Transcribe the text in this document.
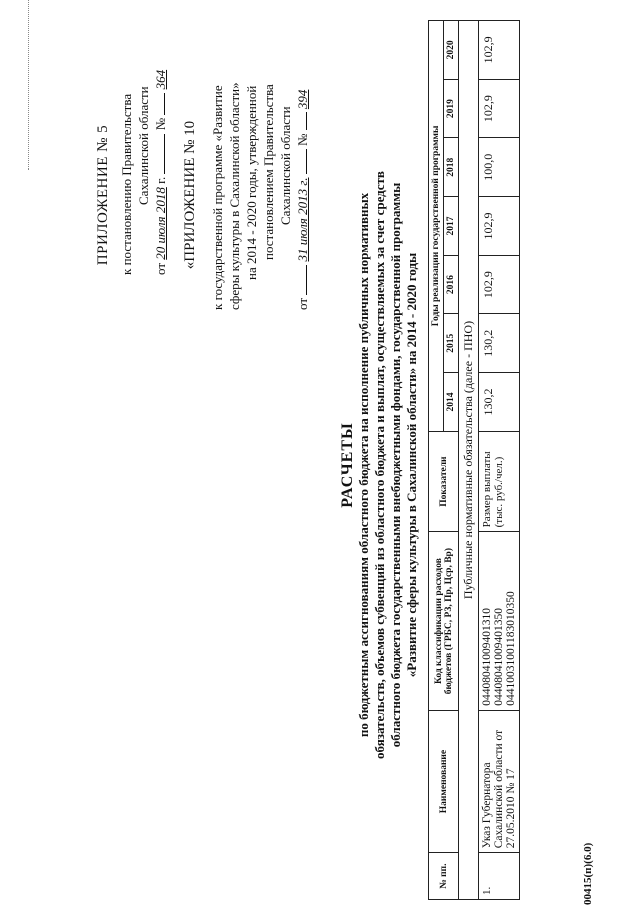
ПРИЛОЖЕНИЕ № 5 к постановлению Правительства Сахалинской области
от 20 июля 2018 г.  №  364
«ПРИЛОЖЕНИЕ № 10 к государственной программе «Развитие сферы культуры в Сахалинской области» на 2014 - 2020 годы, утвержденной постановлением Правительства Сахалинской области
от  31 июля 2013 г.  №  394
РАСЧЕТЫ по бюджетным ассигнованиям областного бюджета на исполнение публичных нормативных обязательств, объемов субвенций из областного бюджета и выплат, осуществляемых за счет средств областного бюджета государственными внебюджетными фондами, государственной программы «Развитие сферы культуры в Сахалинской области» на 2014 - 2020 годы
№ пп.	Наименование	Код классификации расходов бюджетов (ГРБС, РЗ, Пр, Цср, Вр)	Показатели	Годы реализации государственной программы						
				2014	2015	2016	2017	2018	2019	2020
Публичные нормативные обязательства (далее - ПНО)										
1.	Указ Губернатора Сахалинской области от 27.05.2010 № 17	04408041009401310 04408041009401350 04410031001183010350	Размер выплаты (тыс. руб./чел.)	130,2	130,2	102,9	102,9	100,0	102,9	102,9
00415(п)(6.0)
